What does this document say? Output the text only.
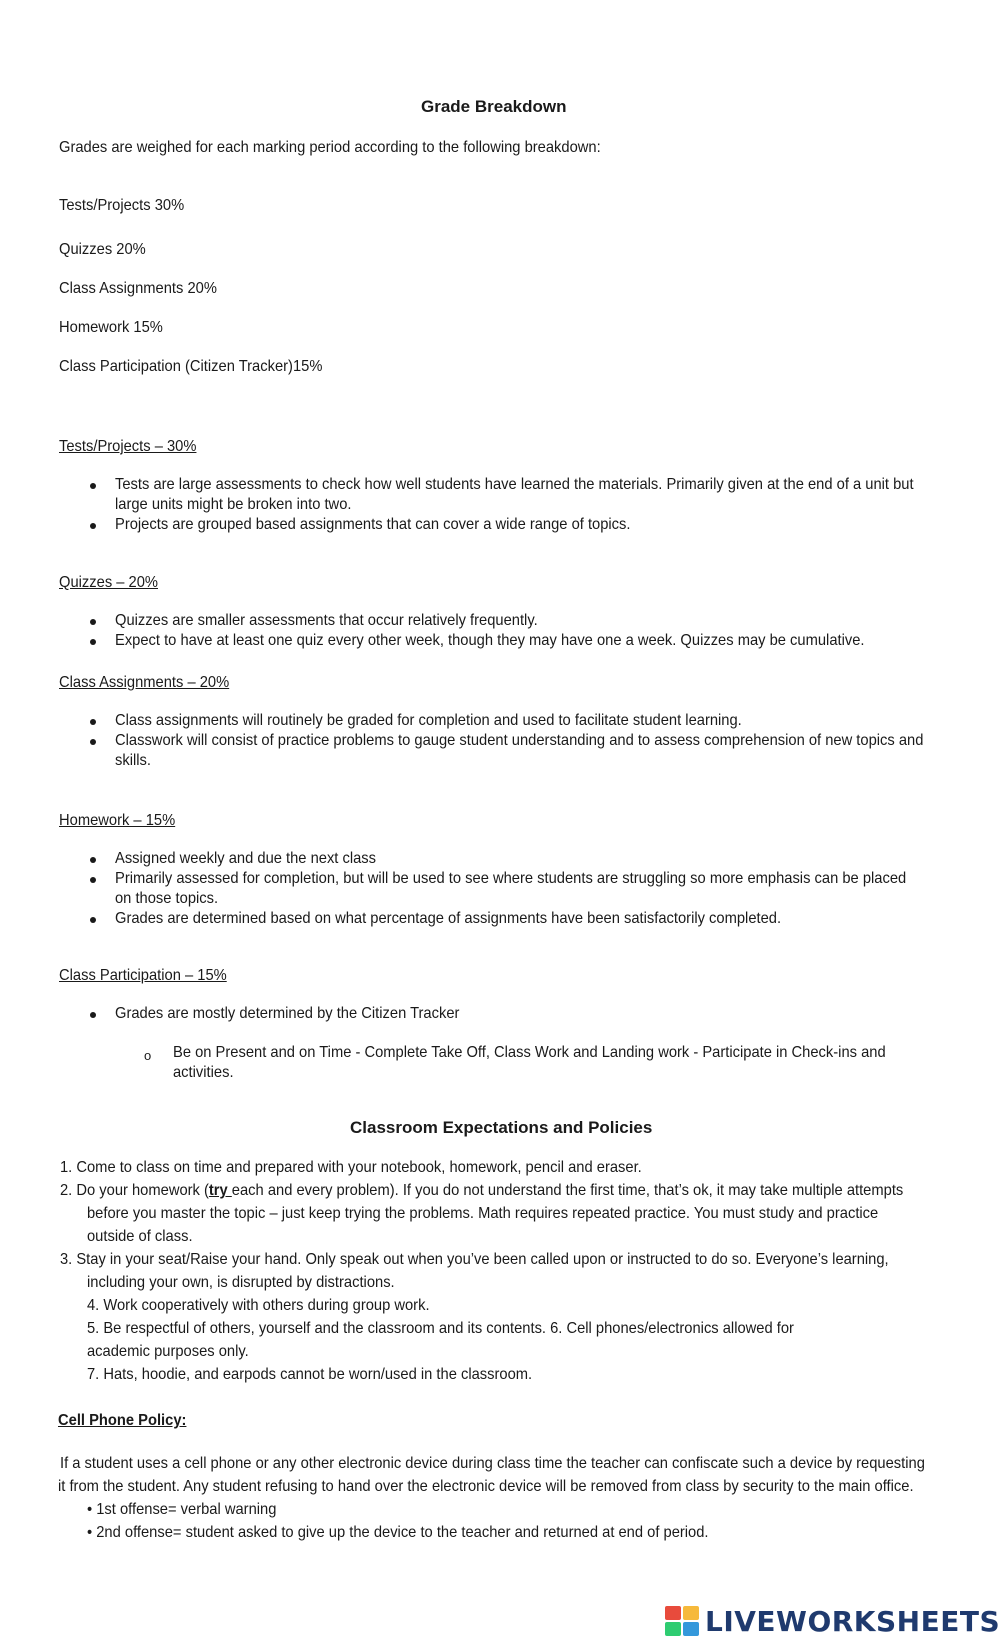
Grade Breakdown
Grades are weighed for each marking period according to the following breakdown:
Tests/Projects 30%
Quizzes 20%
Class Assignments 20%
Homework 15%
Class Participation (Citizen Tracker)15%
Tests/Projects – 30%
Tests are large assessments to check how well students have learned the materials. Primarily given at the end of a unit but
large units might be broken into two.
Projects are grouped based assignments that can cover a wide range of topics.
Quizzes – 20%
Quizzes are smaller assessments that occur relatively frequently.
Expect to have at least one quiz every other week, though they may have one a week. Quizzes may be cumulative.
Class Assignments – 20%
Class assignments will routinely be graded for completion and used to facilitate student learning.
Classwork will consist of practice problems to gauge student understanding and to assess comprehension of new topics and
skills.
Homework – 15%
Assigned weekly and due the next class
Primarily assessed for completion, but will be used to see where students are struggling so more emphasis can be placed
on those topics.
Grades are determined based on what percentage of assignments have been satisfactorily completed.
Class Participation – 15%
Grades are mostly determined by the Citizen Tracker
o Be on Present and on Time - Complete Take Off, Class Work and Landing work - Participate in Check-ins and
activities.
Classroom Expectations and Policies
1. Come to class on time and prepared with your notebook, homework, pencil and eraser.
2. Do your homework (try each and every problem). If you do not understand the first time, that’s ok, it may take multiple attempts
before you master the topic – just keep trying the problems. Math requires repeated practice. You must study and practice
outside of class.
3. Stay in your seat/Raise your hand. Only speak out when you’ve been called upon or instructed to do so. Everyone’s learning,
including your own, is disrupted by distractions.
4. Work cooperatively with others during group work.
5. Be respectful of others, yourself and the classroom and its contents. 6. Cell phones/electronics allowed for
academic purposes only.
7. Hats, hoodie, and earpods cannot be worn/used in the classroom.
Cell Phone Policy:
If a student uses a cell phone or any other electronic device during class time the teacher can confiscate such a device by requesting
it from the student. Any student refusing to hand over the electronic device will be removed from class by security to the main office.
• 1st offense= verbal warning
• 2nd offense= student asked to give up the device to the teacher and returned at end of period.
LIVEWORKSHEETS
